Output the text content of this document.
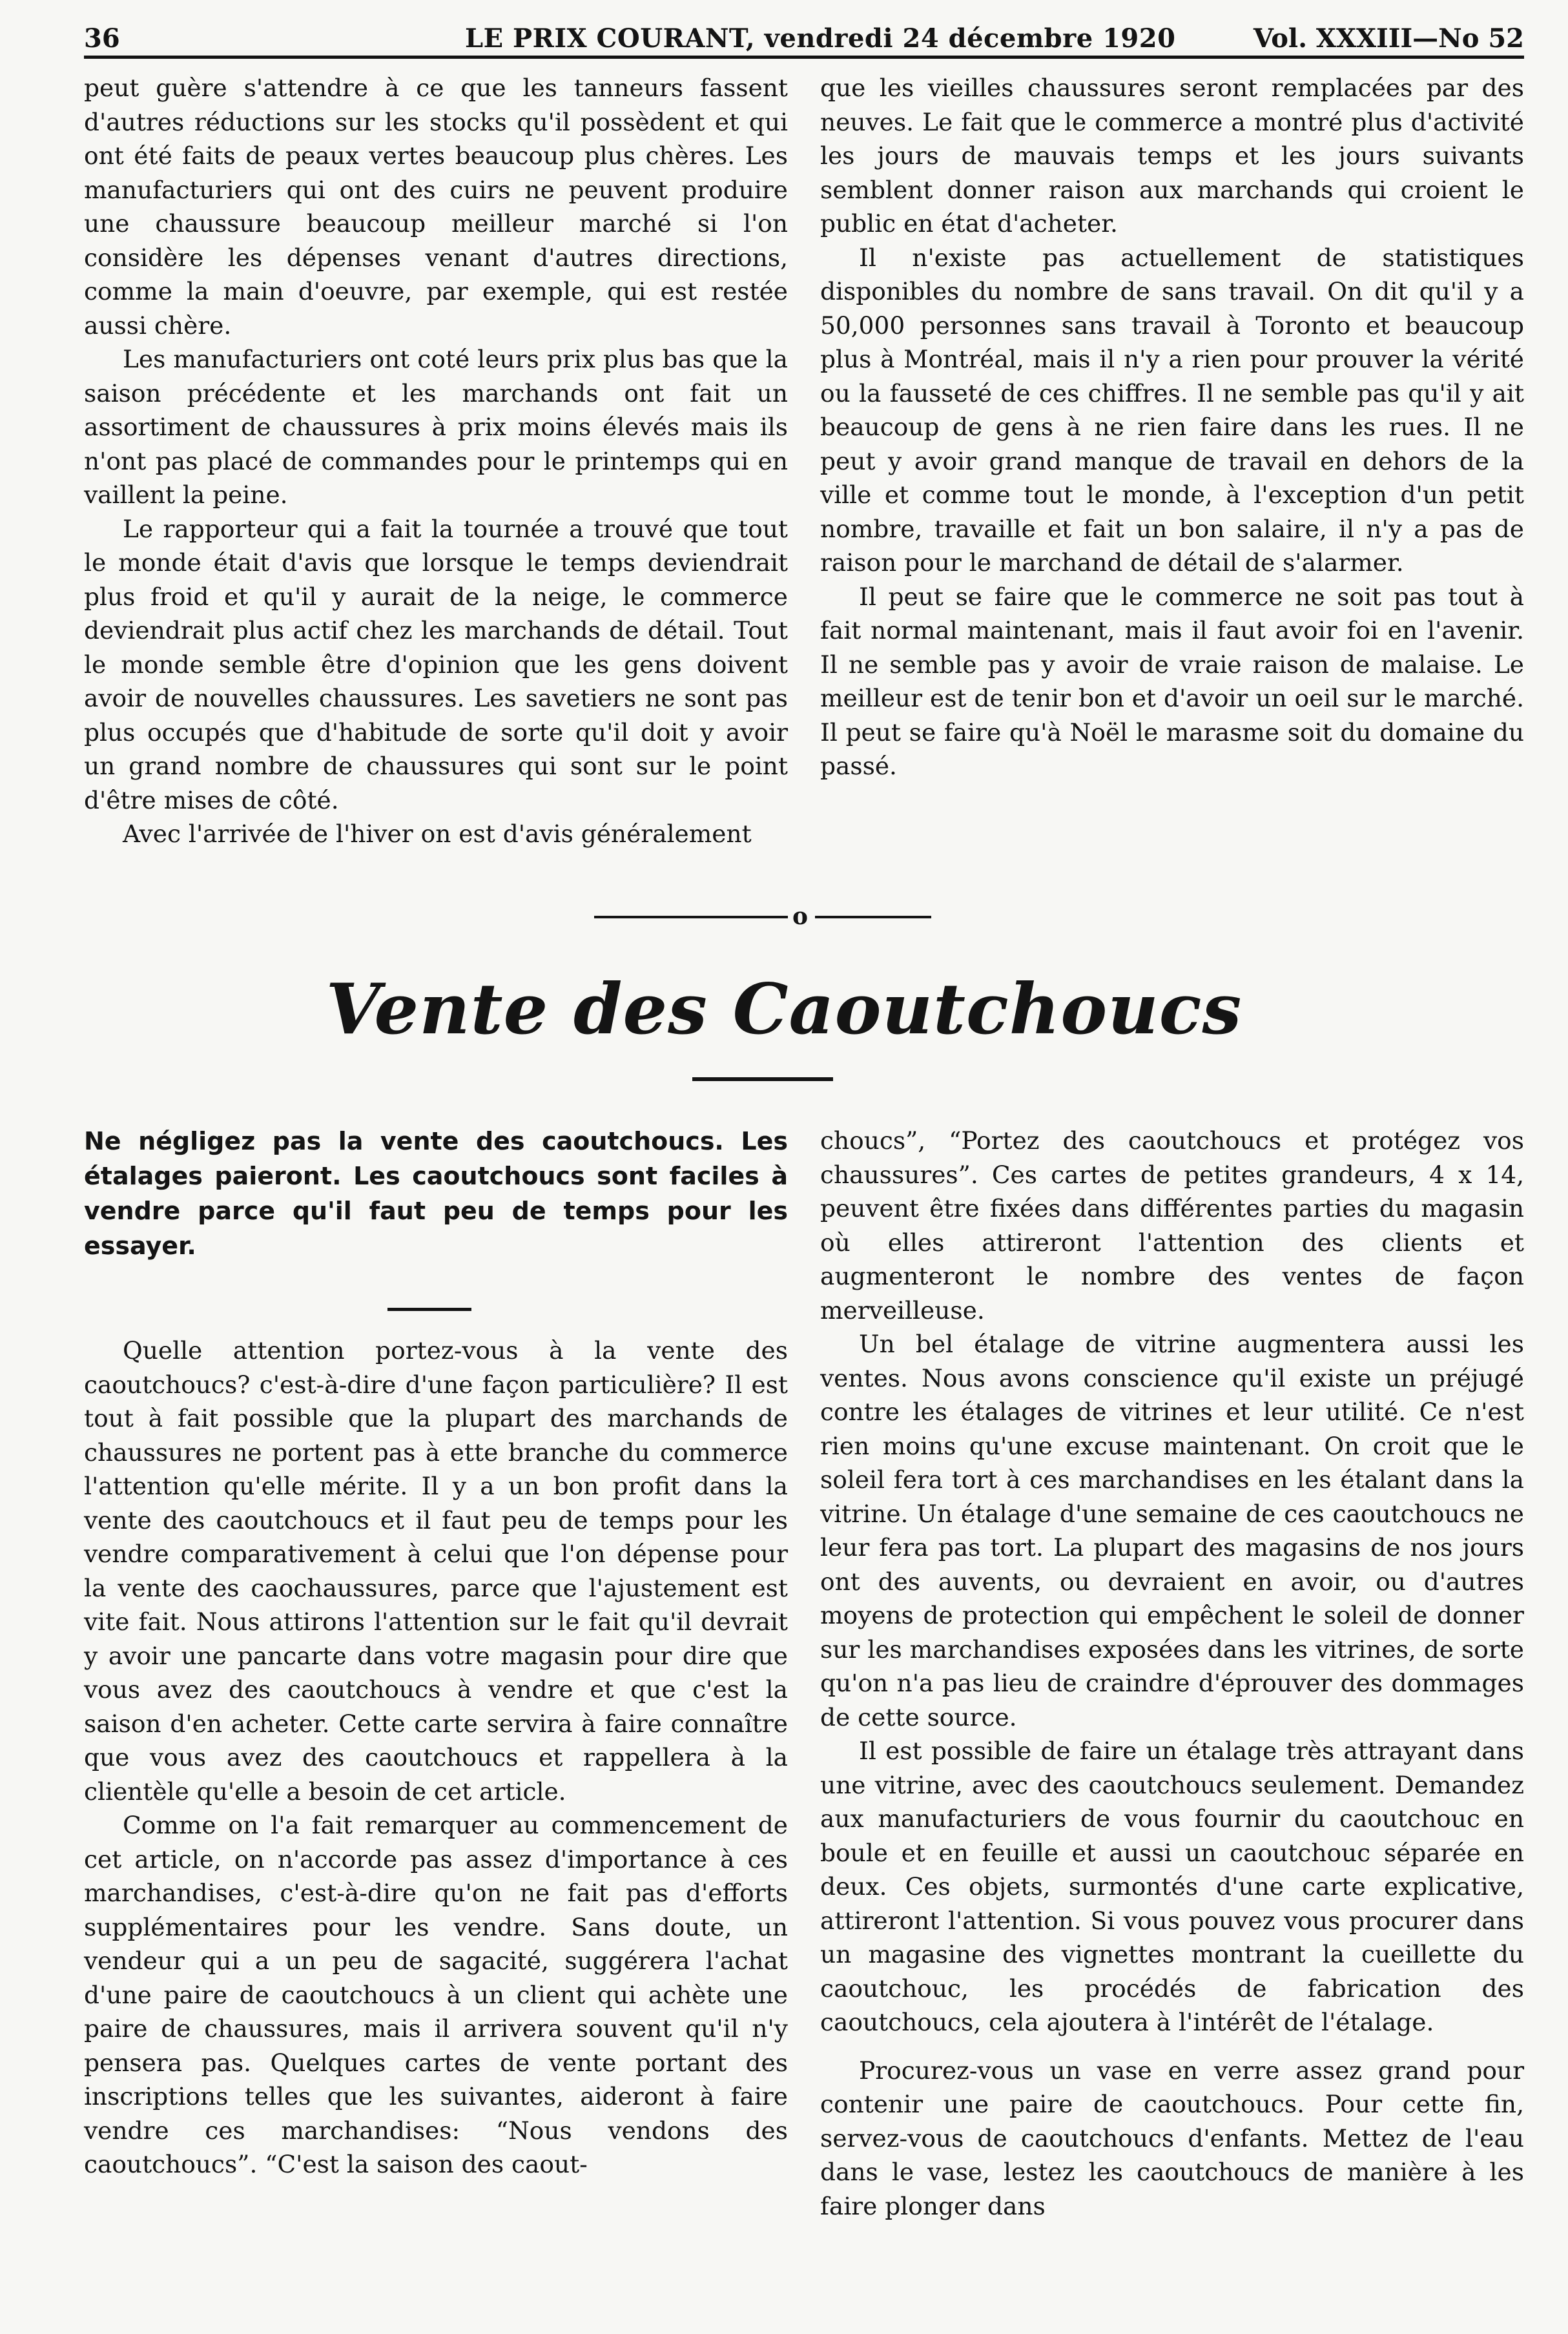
36	LE PRIX COURANT, vendredi 24 décembre 1920	Vol. XXXIII—No 52

peut guère s'attendre à ce que les tanneurs fassent d'autres réductions sur les stocks qu'il possèdent et qui ont été faits de peaux vertes beaucoup plus chères. Les manufacturiers qui ont des cuirs ne peuvent produire une chaussure beaucoup meilleur marché si l'on considère les dépenses venant d'autres directions, comme la main d'oeuvre, par exemple, qui est restée aussi chère.

Les manufacturiers ont coté leurs prix plus bas que la saison précédente et les marchands ont fait un assortiment de chaussures à prix moins élevés mais ils n'ont pas placé de commandes pour le printemps qui en vaillent la peine.

Le rapporteur qui a fait la tournée a trouvé que tout le monde était d'avis que lorsque le temps deviendrait plus froid et qu'il y aurait de la neige, le commerce deviendrait plus actif chez les marchands de détail. Tout le monde semble être d'opinion que les gens doivent avoir de nouvelles chaussures. Les savetiers ne sont pas plus occupés que d'habitude de sorte qu'il doit y avoir un grand nombre de chaussures qui sont sur le point d'être mises de côté.

Avec l'arrivée de l'hiver on est d'avis généralement

que les vieilles chaussures seront remplacées par des neuves. Le fait que le commerce a montré plus d'activité les jours de mauvais temps et les jours suivants semblent donner raison aux marchands qui croient le public en état d'acheter.

Il n'existe pas actuellement de statistiques disponibles du nombre de sans travail. On dit qu'il y a 50,000 personnes sans travail à Toronto et beaucoup plus à Montréal, mais il n'y a rien pour prouver la vérité ou la fausseté de ces chiffres. Il ne semble pas qu'il y ait beaucoup de gens à ne rien faire dans les rues. Il ne peut y avoir grand manque de travail en dehors de la ville et comme tout le monde, à l'exception d'un petit nombre, travaille et fait un bon salaire, il n'y a pas de raison pour le marchand de détail de s'alarmer.

Il peut se faire que le commerce ne soit pas tout à fait normal maintenant, mais il faut avoir foi en l'avenir. Il ne semble pas y avoir de vraie raison de malaise. Le meilleur est de tenir bon et d'avoir un oeil sur le marché. Il peut se faire qu'à Noël le marasme soit du domaine du passé.

o
Vente des Caoutchoucs
Ne négligez pas la vente des caoutchoucs. Les étalages paieront. Les caoutchoucs sont faciles à vendre parce qu'il faut peu de temps pour les essayer.

Quelle attention portez-vous à la vente des caoutchoucs? c'est-à-dire d'une façon particulière? Il est tout à fait possible que la plupart des marchands de chaussures ne portent pas à ette branche du commerce l'attention qu'elle mérite. Il y a un bon profit dans la vente des caoutchoucs et il faut peu de temps pour les vendre comparativement à celui que l'on dépense pour la vente des caochaussures, parce que l'ajustement est vite fait. Nous attirons l'attention sur le fait qu'il devrait y avoir une pancarte dans votre magasin pour dire que vous avez des caoutchoucs à vendre et que c'est la saison d'en acheter. Cette carte servira à faire connaître que vous avez des caoutchoucs et rappellera à la clientèle qu'elle a besoin de cet article.

Comme on l'a fait remarquer au commencement de cet article, on n'accorde pas assez d'importance à ces marchandises, c'est-à-dire qu'on ne fait pas d'efforts supplémentaires pour les vendre. Sans doute, un vendeur qui a un peu de sagacité, suggérera l'achat d'une paire de caoutchoucs à un client qui achète une paire de chaussures, mais il arrivera souvent qu'il n'y pensera pas. Quelques cartes de vente portant des inscriptions telles que les suivantes, aideront à faire vendre ces marchandises: “Nous vendons des caoutchoucs”. “C'est la saison des caout-

choucs”, “Portez des caoutchoucs et protégez vos chaussures”. Ces cartes de petites grandeurs, 4 x 14, peuvent être fixées dans différentes parties du magasin où elles attireront l'attention des clients et augmenteront le nombre des ventes de façon merveilleuse.

Un bel étalage de vitrine augmentera aussi les ventes. Nous avons conscience qu'il existe un préjugé contre les étalages de vitrines et leur utilité. Ce n'est rien moins qu'une excuse maintenant. On croit que le soleil fera tort à ces marchandises en les étalant dans la vitrine. Un étalage d'une semaine de ces caoutchoucs ne leur fera pas tort. La plupart des magasins de nos jours ont des auvents, ou devraient en avoir, ou d'autres moyens de protection qui empêchent le soleil de donner sur les marchandises exposées dans les vitrines, de sorte qu'on n'a pas lieu de craindre d'éprouver des dommages de cette source.

Il est possible de faire un étalage très attrayant dans une vitrine, avec des caoutchoucs seulement. Demandez aux manufacturiers de vous fournir du caoutchouc en boule et en feuille et aussi un caoutchouc séparée en deux. Ces objets, surmontés d'une carte explicative, attireront l'attention. Si vous pouvez vous procurer dans un magasine des vignettes montrant la cueillette du caoutchouc, les procédés de fabrication des caoutchoucs, cela ajoutera à l'intérêt de l'étalage.

Procurez-vous un vase en verre assez grand pour contenir une paire de caoutchoucs. Pour cette fin, servez-vous de caoutchoucs d'enfants. Mettez de l'eau dans le vase, lestez les caoutchoucs de manière à les faire plonger dans
